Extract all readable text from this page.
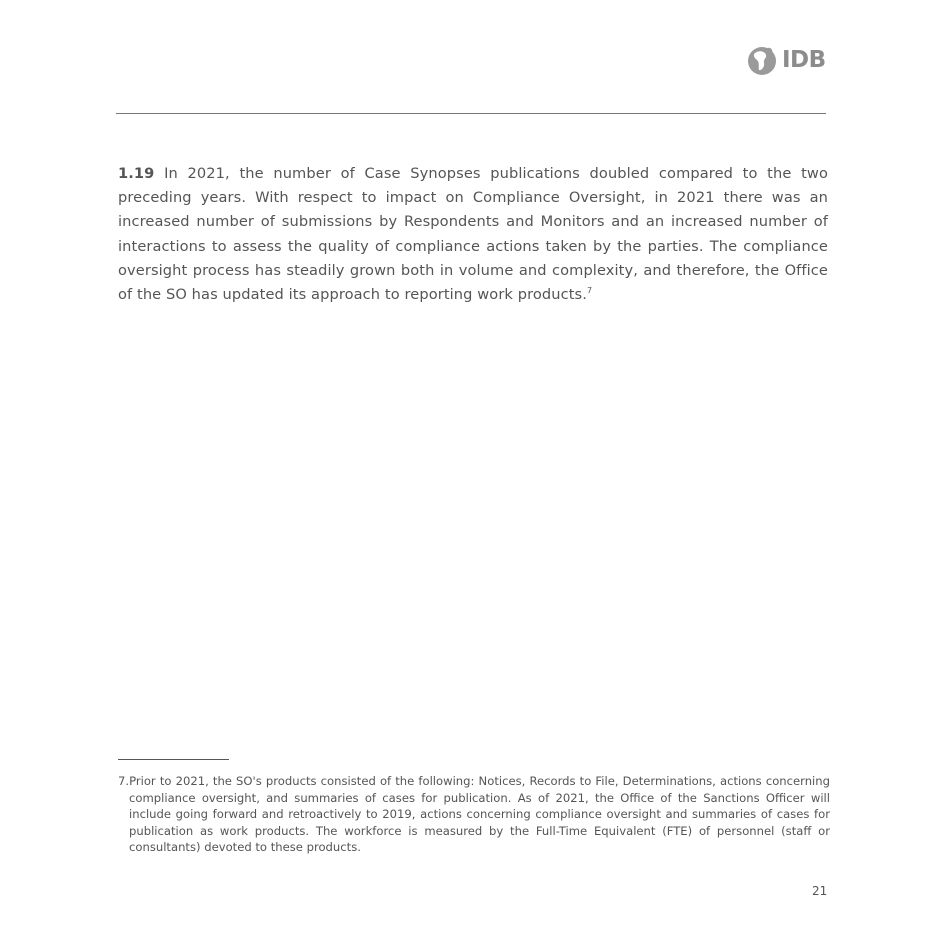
IDB

1.19 In 2021, the number of Case Synopses publications doubled compared to the two preceding years. With respect to impact on Compliance Oversight, in 2021 there was an increased number of submissions by Respondents and Monitors and an increased number of interactions to assess the quality of compliance actions taken by the parties. The compliance oversight process has steadily grown both in volume and complexity, and therefore, the Office of the SO has updated its approach to reporting work products.$^7$

7.Prior to 2021, the SO's products consisted of the following: Notices, Records to File, Determinations, actions concerning compliance oversight, and summaries of cases for publication. As of 2021, the Office of the Sanctions Officer will include going forward and retroactively to 2019, actions concerning compliance oversight and summaries of cases for publication as work products. The workforce is measured by the Full-Time Equivalent (FTE) of personnel (staff or consultants) devoted to these products.

21
